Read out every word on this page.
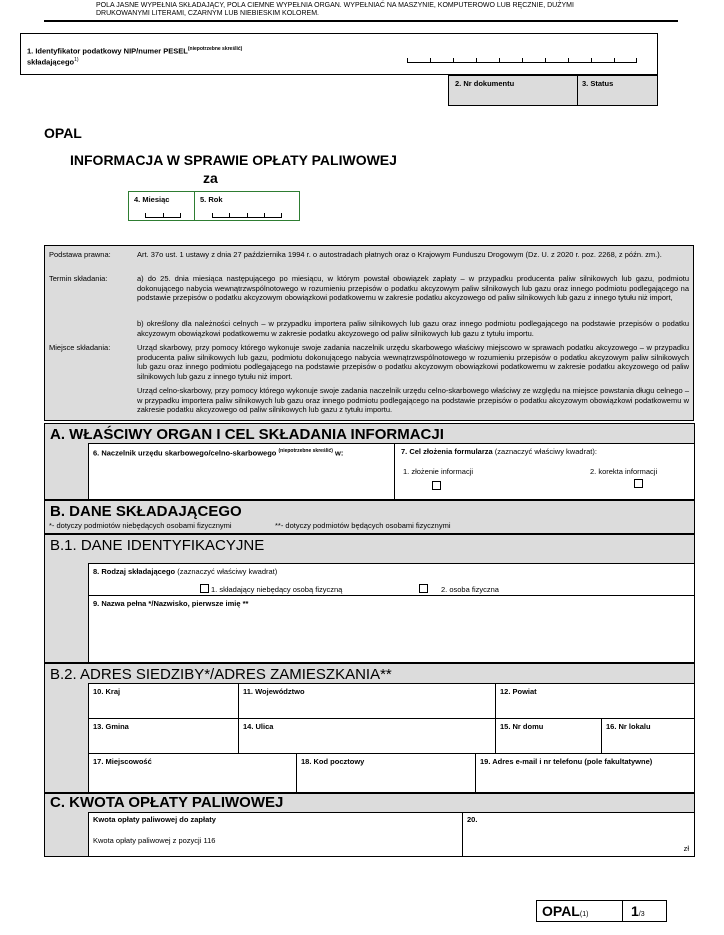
POLA JASNE WYPEŁNIA SKŁADAJĄCY, POLA CIEMNE WYPEŁNIA ORGAN. WYPEŁNIAĆ NA MASZYNIE, KOMPUTEROWO LUB RĘCZNIE, DUŻYMI DRUKOWANYMI LITERAMI, CZARNYM LUB NIEBIESKIM KOLOREM.
1. Identyfikator podatkowy NIP/numer $PESEL^{(niepotrzebne skreślić)}$
składającego$^{1)}$
2. Nr dokumentu	3. Status
OPAL
INFORMACJA W SPRAWIE OPŁATY PALIWOWEJ
za
4. Miesiąc	5. Rok
Podstawa prawna:	Art. 37o ust. 1 ustawy z dnia 27 października 1994 r. o autostradach płatnych oraz o Krajowym Funduszu Drogowym (Dz. U. z 2020 r. poz. 2268, z późn. zm.).
Termin składania:	a) do 25. dnia miesiąca następującego po miesiącu, w którym powstał obowiązek zapłaty – w przypadku producenta paliw silnikowych lub gazu, podmiotu dokonującego nabycia wewnątrzwspólnotowego w rozumieniu przepisów o podatku akcyzowym paliw silnikowych lub gazu oraz innego podmiotu podlegającego na podstawie przepisów o podatku akcyzowym obowiązkowi podatkowemu w zakresie podatku akcyzowego od paliw silnikowych lub gazu z innego tytułu niż import,
b) określony dla należności celnych – w przypadku importera paliw silnikowych lub gazu oraz innego podmiotu podlegającego na podstawie przepisów o podatku akcyzowym obowiązkowi podatkowemu w zakresie podatku akcyzowego od paliw silnikowych lub gazu z tytułu importu.
Miejsce składania:	Urząd skarbowy, przy pomocy którego wykonuje swoje zadania naczelnik urzędu skarbowego właściwy miejscowo w sprawach podatku akcyzowego – w przypadku producenta paliw silnikowych lub gazu, podmiotu dokonującego nabycia wewnątrzwspólnotowego w rozumieniu przepisów o podatku akcyzowym paliw silnikowych lub gazu oraz innego podmiotu podlegającego na podstawie przepisów o podatku akcyzowym obowiązkowi podatkowemu w zakresie podatku akcyzowego od paliw silnikowych lub gazu z innego tytułu niż import.
Urząd celno-skarbowy, przy pomocy którego wykonuje swoje zadania naczelnik urzędu celno-skarbowego właściwy ze względu na miejsce powstania długu celnego – w przypadku importera paliw silnikowych lub gazu oraz innego podmiotu podlegającego na podstawie przepisów o podatku akcyzowym obowiązkowi podatkowemu w zakresie podatku akcyzowego od paliw silnikowych lub gazu z tytułu importu.
A. WŁAŚCIWY ORGAN I CEL SKŁADANIA INFORMACJI
6. Naczelnik urzędu skarbowego/celno-skarbowego $^{(niepotrzebne skreślić)}$ w:	7. Cel złożenia formularza (zaznaczyć właściwy kwadrat):
1. złożenie informacji	2. korekta informacji
B. DANE SKŁADAJĄCEGO
*- dotyczy podmiotów niebędących osobami fizycznymi	**- dotyczy podmiotów będących osobami fizycznymi
B.1. DANE IDENTYFIKACYJNE
8. Rodzaj składającego (zaznaczyć właściwy kwadrat)
1. składający niebędący osobą fizyczną	2. osoba fizyczna
9. Nazwa pełna */Nazwisko, pierwsze imię **
B.2. ADRES SIEDZIBY*/ADRES ZAMIESZKANIA**
10. Kraj	11. Województwo	12. Powiat
13. Gmina	14. Ulica	15. Nr domu	16. Nr lokalu
17. Miejscowość	18. Kod pocztowy	19. Adres e-mail i nr telefonu (pole fakultatywne)
C. KWOTA OPŁATY PALIWOWEJ
Kwota opłaty paliwowej do zapłaty
Kwota opłaty paliwowej z pozycji 116
20.
zł
OPAL(1)	1/3
